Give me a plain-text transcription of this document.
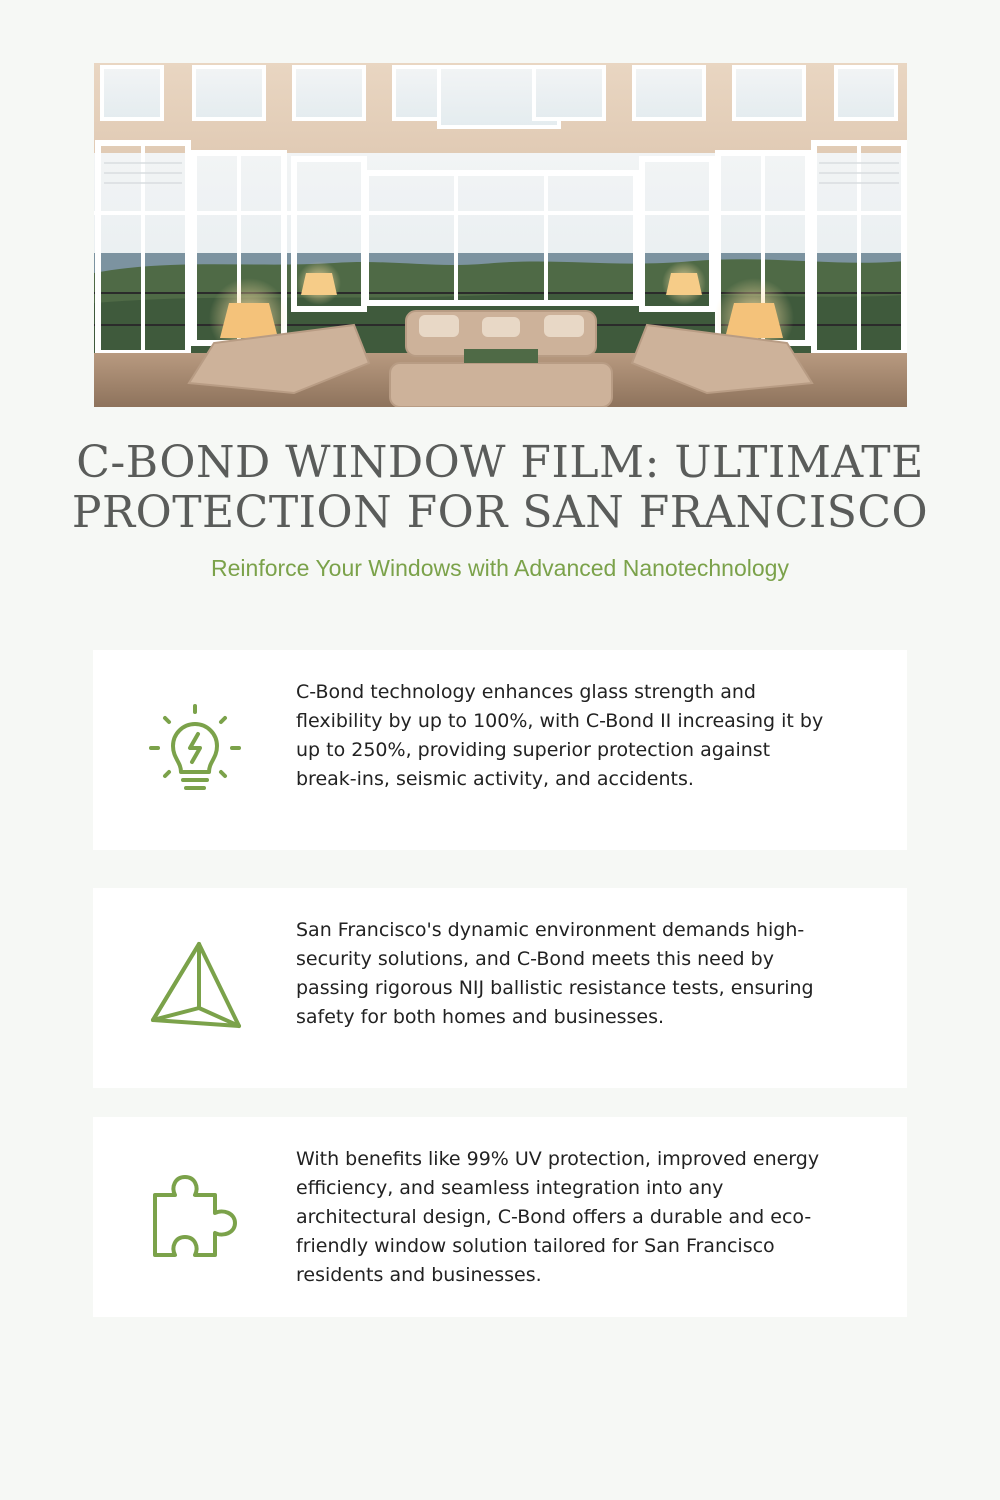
C-BOND WINDOW FILM: ULTIMATE PROTECTION FOR SAN FRANCISCO

Reinforce Your Windows with Advanced Nanotechnology

C-Bond technology enhances glass strength and flexibility by up to 100%, with C-Bond II increasing it by up to 250%, providing superior protection against break-ins, seismic activity, and accidents.

San Francisco's dynamic environment demands high-security solutions, and C-Bond meets this need by passing rigorous NIJ ballistic resistance tests, ensuring safety for both homes and businesses.

With benefits like 99% UV protection, improved energy efficiency, and seamless integration into any architectural design, C-Bond offers a durable and eco-friendly window solution tailored for San Francisco residents and businesses.
